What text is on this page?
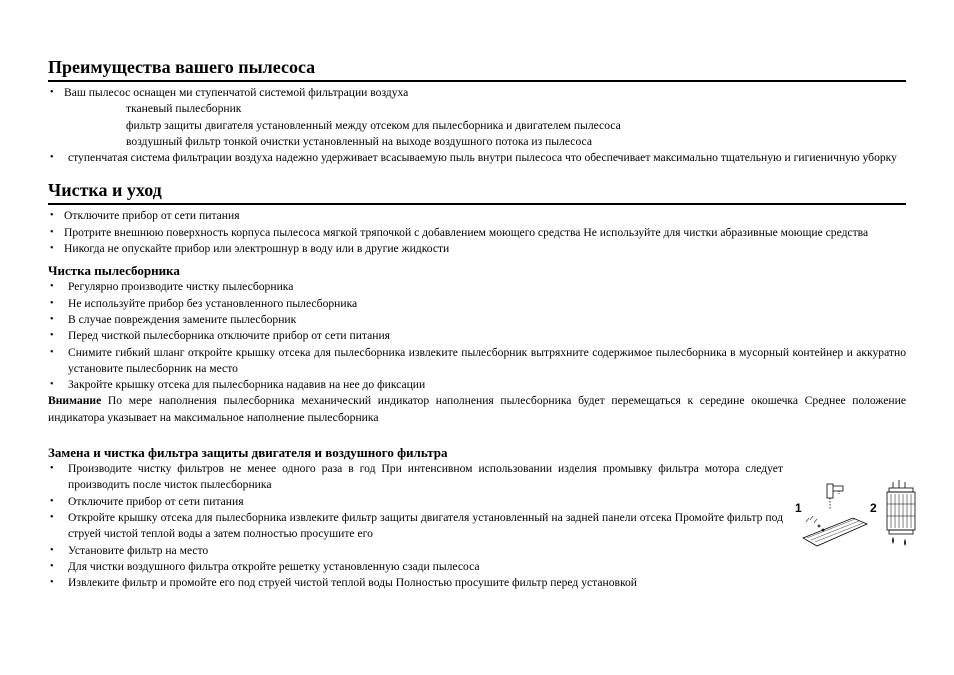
Преимущества вашего пылесоса
• Ваш пылесос оснащен ми ступенчатой системой фильтрации воздуха
тканевый пылесборник
фильтр защиты двигателя установленный между отсеком для пылесборника и двигателем пылесоса
воздушный фильтр тонкой очистки установленный на выходе воздушного потока из пылесоса
• ступенчатая система фильтрации воздуха надежно удерживает всасываемую пыль внутри пылесоса что обеспечивает максимально тщательную и гигиеничную уборку
Чистка и уход
• Отключите прибор от сети питания
• Протрите внешнюю поверхность корпуса пылесоса мягкой тряпочкой с добавлением моющего средства Не используйте для чистки абразивные моющие средства
• Никогда не опускайте прибор или электрошнур в воду или в другие жидкости
Чистка пылесборника
• Регулярно производите чистку пылесборника
• Не используйте прибор без установленного пылесборника
• В случае повреждения замените пылесборник
• Перед чисткой пылесборника отключите прибор от сети питания
• Снимите гибкий шланг откройте крышку отсека для пылесборника извлеките пылесборник вытряхните содержимое пылесборника в мусорный контейнер и аккуратно установите пылесборник на место
• Закройте крышку отсека для пылесборника надавив на нее до фиксации

Внимание По мере наполнения пылесборника механический индикатор наполнения пылесборника будет перемещаться к середине окошечка Среднее положение индикатора указывает на максимальное наполнение пылесборника

Замена и чистка фильтра защиты двигателя и воздушного фильтра
• Производите чистку фильтров не менее одного раза в год При интенсивном использовании изделия промывку фильтра мотора следует производить после чисток пылесборника
• Отключите прибор от сети питания
• Откройте крышку отсека для пылесборника извлеките фильтр защиты двигателя установленный на задней панели отсека Промойте фильтр под струей чистой теплой воды а затем полностью просушите его
• Установите фильтр на место
• Для чистки воздушного фильтра откройте решетку установленную сзади пылесоса
• Извлеките фильтр и промойте его под струей чистой теплой воды Полностью просушите фильтр перед установкой
1	2
